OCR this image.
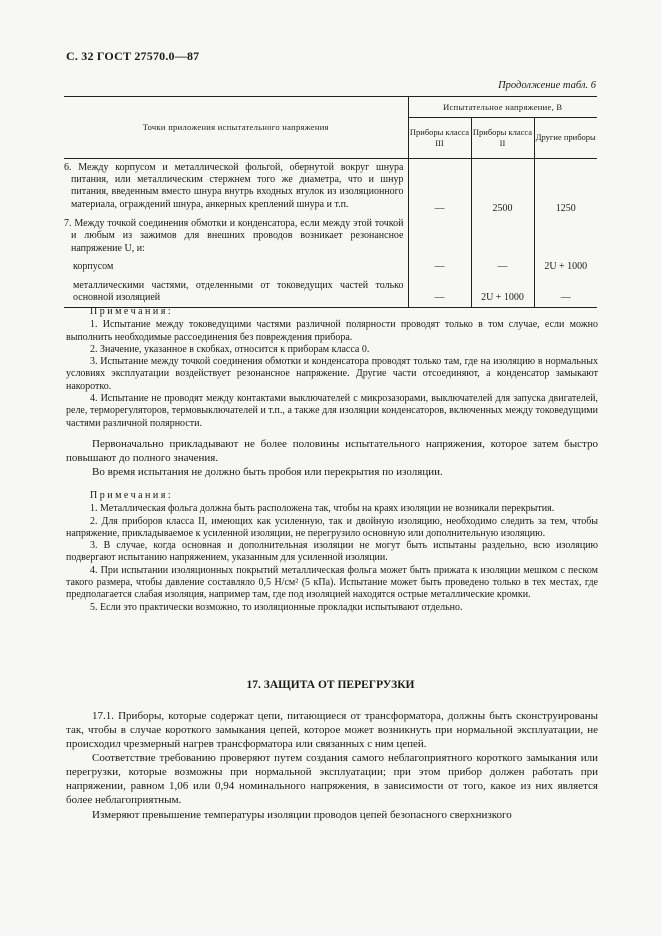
С. 32 ГОСТ 27570.0—87
Продолжение табл. 6
Точки приложения испытательного напряжения	Испытательное напряжение, В		
	Приборы класса III	Приборы класса II	Другие приборы

6. Между корпусом и металлической фольгой, обернутой вокруг шнура питания, или металлическим стержнем того же диаметра, что и шнур питания, введенным вместо шнура внутрь входных втулок из изоляционного материала, ограждений шнура, анкерных креплений шнура и т.п.	—	2500	1250

7. Между точкой соединения обмотки и конденсатора, если между этой точкой и любым из зажимов для внешних проводов возникает резонансное напряжение U, и:			

корпусом	—	—	2U + 1000

металлическими частями, отделенными от токоведущих частей только основной изоляцией	—	2U + 1000	—
Примечания:

1. Испытание между токоведущими частями различной полярности проводят только в том случае, если можно выполнить необходимые рассоединения без повреждения прибора.

2. Значение, указанное в скобках, относится к приборам класса 0.

3. Испытание между точкой соединения обмотки и конденсатора проводят только там, где на изоляцию в нормальных условиях эксплуатации воздействует резонансное напряжение. Другие части отсоединяют, а конденсатор замыкают накоротко.

4. Испытание не проводят между контактами выключателей с микрозазорами, выключателей для запуска двигателей, реле, терморегуляторов, термовыключателей и т.п., а также для изоляции конденсаторов, включенных между токоведущими частями различной полярности.

Первоначально прикладывают не более половины испытательного напряжения, которое затем быстро повышают до полного значения.

Во время испытания не должно быть пробоя или перекрытия по изоляции.

Примечания:

1. Металлическая фольга должна быть расположена так, чтобы на краях изоляции не возникали перекрытия.

2. Для приборов класса II, имеющих как усиленную, так и двойную изоляцию, необходимо следить за тем, чтобы напряжение, прикладываемое к усиленной изоляции, не перегрузило основную или дополнительную изоляцию.

3. В случае, когда основная и дополнительная изоляции не могут быть испытаны раздельно, всю изоляцию подвергают испытанию напряжением, указанным для усиленной изоляции.

4. При испытании изоляционных покрытий металлическая фольга может быть прижата к изоляции мешком с песком такого размера, чтобы давление составляло 0,5 Н/см² (5 кПа). Испытание может быть проведено только в тех местах, где предполагается слабая изоляция, например там, где под изоляцией находятся острые металлические кромки.

5. Если это практически возможно, то изоляционные прокладки испытывают отдельно.

17. ЗАЩИТА ОТ ПЕРЕГРУЗКИ

17.1. Приборы, которые содержат цепи, питающиеся от трансформатора, должны быть сконструированы так, чтобы в случае короткого замыкания цепей, которое может возникнуть при нормальной эксплуатации, не происходил чрезмерный нагрев трансформатора или связанных с ним цепей.

Соответствие требованию проверяют путем создания самого неблагоприятного короткого замыкания или перегрузки, которые возможны при нормальной эксплуатации; при этом прибор должен работать при напряжении, равном 1,06 или 0,94 номинального напряжения, в зависимости от того, какое из них является более неблагоприятным.

Измеряют превышение температуры изоляции проводов цепей безопасного сверхнизкого
